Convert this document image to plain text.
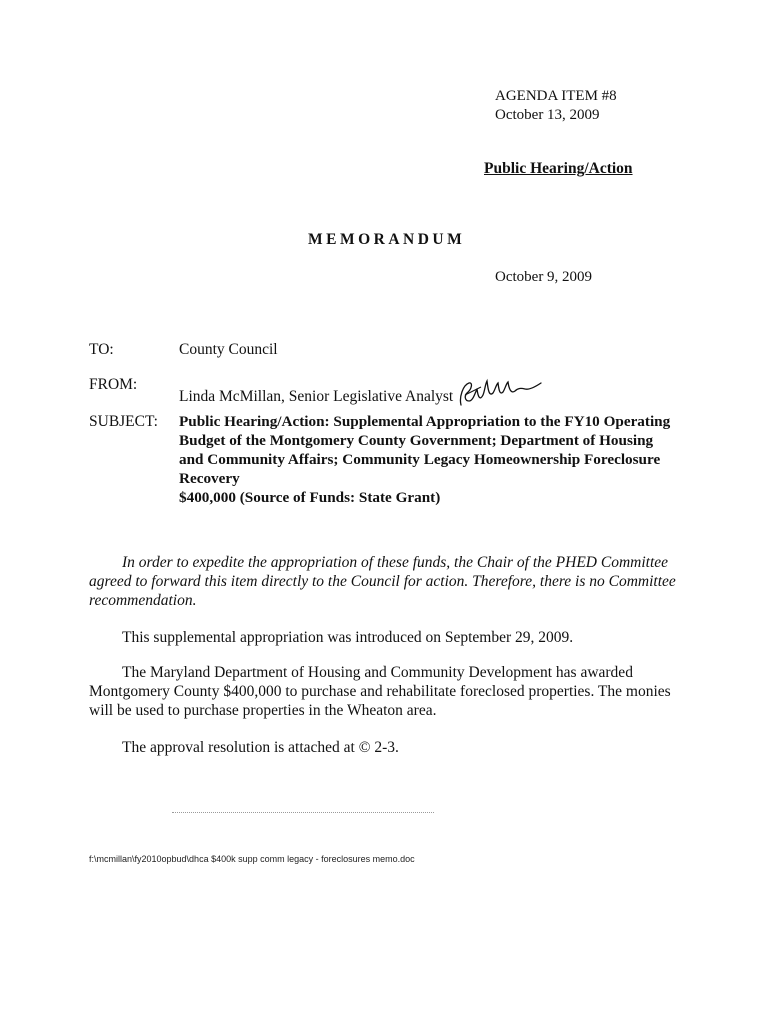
AGENDA ITEM #8
October 13, 2009
Public Hearing/Action
MEMORANDUM
October 9, 2009
TO:	County Council
FROM:
Linda McMillan, Senior Legislative Analyst
SUBJECT: Public Hearing/Action: Supplemental Appropriation to the FY10 Operating
Budget of the Montgomery County Government; Department of Housing
and Community Affairs; Community Legacy Homeownership Foreclosure
Recovery
$400,000 (Source of Funds: State Grant)
In order to expedite the appropriation of these funds, the Chair of the PHED Committee agreed to forward this item directly to the Council for action. Therefore, there is no Committee recommendation.
This supplemental appropriation was introduced on September 29, 2009.
The Maryland Department of Housing and Community Development has awarded Montgomery County $400,000 to purchase and rehabilitate foreclosed properties. The monies will be used to purchase properties in the Wheaton area.
The approval resolution is attached at © 2-3.
f:\mcmillan\fy2010opbud\dhca $400k supp comm legacy - foreclosures memo.doc
